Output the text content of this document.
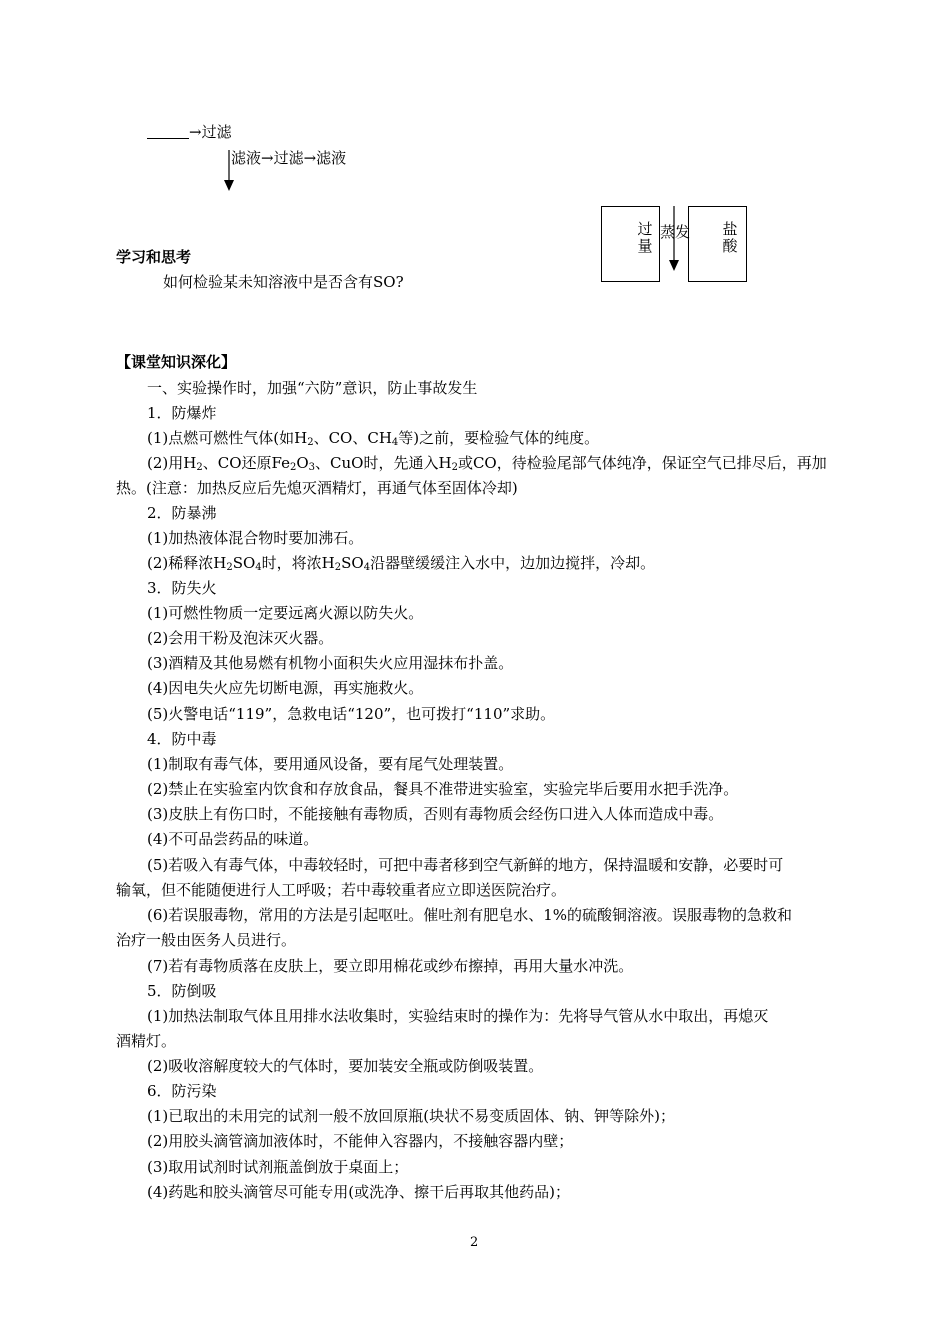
→过滤
滤液→过滤→滤液
过量
蒸发 盐酸
学习和思考
如何检验某未知溶液中是否含有SO?
【课堂知识深化】
一、实验操作时，加强“六防”意识，防止事故发生
1．防爆炸
(1)点燃可燃性气体(如$H_2$、CO、$CH_4$等)之前，要检验气体的纯度。
(2)用$H_2$、CO还原$Fe_2O_3$、CuO时，先通入$H_2$或CO，待检验尾部气体纯净，保证空气已排尽后，再加
热。(注意：加热反应后先熄灭酒精灯，再通气体至固体冷却)
2．防暴沸
(1)加热液体混合物时要加沸石。
(2)稀释浓$H_2SO_4$时，将浓$H_2SO_4$沿器壁缓缓注入水中，边加边搅拌，冷却。
3．防失火
(1)可燃性物质一定要远离火源以防失火。
(2)会用干粉及泡沫灭火器。
(3)酒精及其他易燃有机物小面积失火应用湿抹布扑盖。
(4)因电失火应先切断电源，再实施救火。
(5)火警电话“119”，急救电话“120”，也可拨打“110”求助。
4．防中毒
(1)制取有毒气体，要用通风设备，要有尾气处理装置。
(2)禁止在实验室内饮食和存放食品，餐具不准带进实验室，实验完毕后要用水把手洗净。
(3)皮肤上有伤口时，不能接触有毒物质，否则有毒物质会经伤口进入人体而造成中毒。
(4)不可品尝药品的味道。
(5)若吸入有毒气体，中毒较轻时，可把中毒者移到空气新鲜的地方，保持温暖和安静，必要时可
输氧，但不能随便进行人工呼吸；若中毒较重者应立即送医院治疗。
(6)若误服毒物，常用的方法是引起呕吐。催吐剂有肥皂水、1%的硫酸铜溶液。误服毒物的急救和
治疗一般由医务人员进行。
(7)若有毒物质落在皮肤上，要立即用棉花或纱布擦掉，再用大量水冲洗。
5．防倒吸
(1)加热法制取气体且用排水法收集时，实验结束时的操作为：先将导气管从水中取出，再熄灭
酒精灯。
(2)吸收溶解度较大的气体时，要加装安全瓶或防倒吸装置。
6．防污染
(1)已取出的未用完的试剂一般不放回原瓶(块状不易变质固体、钠、钾等除外)；
(2)用胶头滴管滴加液体时，不能伸入容器内，不接触容器内壁；
(3)取用试剂时试剂瓶盖倒放于桌面上；
(4)药匙和胶头滴管尽可能专用(或洗净、擦干后再取其他药品)；
2
